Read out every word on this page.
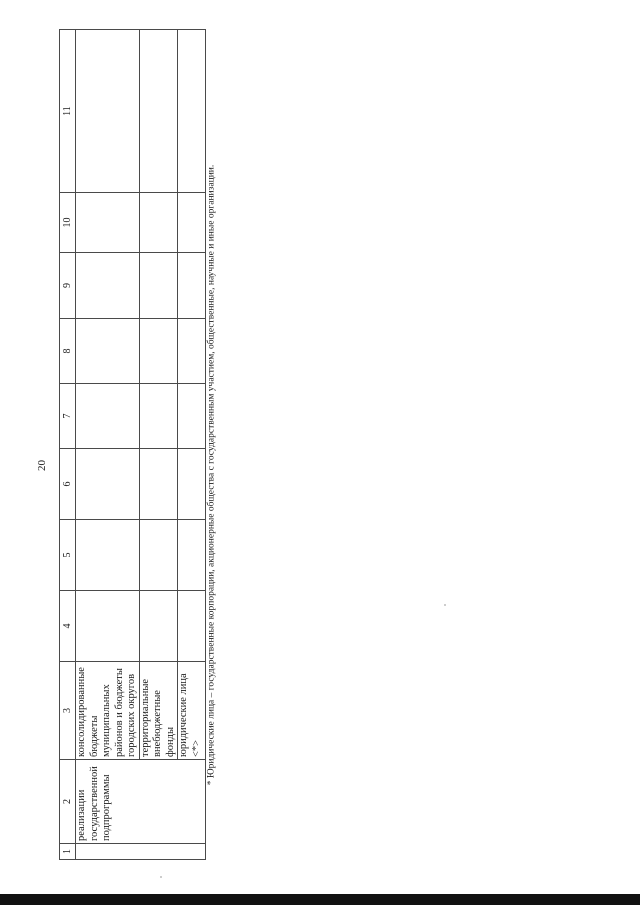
20
1	2	3	4	5	6	7	8	9	10	11
	реализации государственной подпрограммы	консолидированные бюджеты муниципальных районов и бюджеты городских округов								
		территориальные внебюджетные фонды								
		юридические лица <*>								* Юридические лица – государственные корпорации, акционерные общества с государственным участием, общественные, научные и иные организации.
